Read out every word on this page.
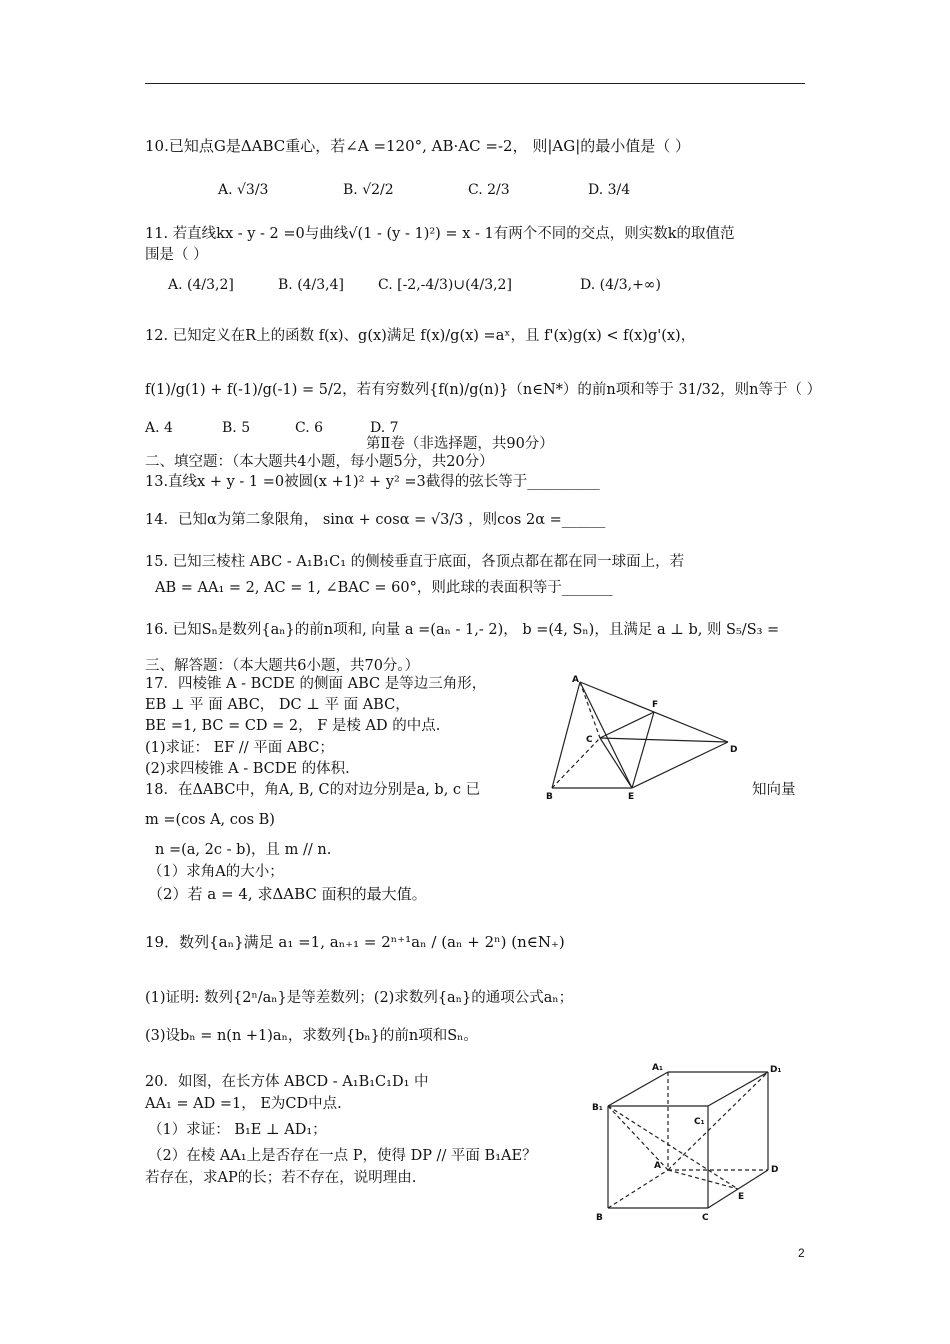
10.已知点G是ΔABC重心，若∠A =120°, AB·AC =-2， 则|AG|的最小值是（ ）
A. √3/3	B. √2/2	C. 2/3	D. 3/4
11. 若直线kx - y - 2 =0与曲线√(1 - (y - 1)²) = x - 1有两个不同的交点，则实数k的取值范
围是（ ）
A. (4/3,2]	B. (4/3,4] C. [-2,-4/3)∪(4/3,2]	D. (4/3,+∞)
12. 已知定义在R上的函数 f(x)、g(x)满足 f(x)/g(x) =aˣ，且 f'(x)g(x) < f(x)g'(x)，
f(1)/g(1) + f(-1)/g(-1) = 5/2，若有穷数列{f(n)/g(n)}（n∈N*）的前n项和等于 31/32，则n等于（ ）
A. 4	B. 5	C. 6	D. 7
第Ⅱ卷（非选择题，共90分）
二、填空题：（本大题共4小题，每小题5分，共20分）
13.直线x + y - 1 =0被圆(x +1)² + y² =3截得的弦长等于__________
14．已知α为第二象限角， sinα + cosα = √3/3 ，则cos 2α =______
15. 已知三棱柱 ABC - A₁B₁C₁ 的侧棱垂直于底面，各顶点都在都在同一球面上，若
AB = AA₁ = 2, AC = 1, ∠BAC = 60°，则此球的表面积等于_______
16. 已知Sₙ是数列{aₙ}的前n项和, 向量 a =(aₙ - 1,- 2)， b =(4, Sₙ)，且满足 a ⊥ b, 则 S₅/S₃ =
三、解答题：（本大题共6小题，共70分。）
17．四棱锥 A - BCDE 的侧面 ABC 是等边三角形，
EB ⊥ 平 面 ABC， DC ⊥ 平 面 ABC，
BE =1, BC = CD = 2， F 是棱 AD 的中点.
(1)求证： EF // 平面 ABC；
(2)求四棱锥 A - BCDE 的体积.
A
F
C
D
B	E
18．在ΔABC中，角A, B, C的对边分别是a, b, c 已	知向量
m =(cos A, cos B)
n =(a, 2c - b)，且 m // n.
（1）求角A的大小；
（2）若 a = 4, 求ΔABC 面积的最大值。
19．数列{aₙ}满足 a₁ =1, aₙ₊₁ = 2ⁿ⁺¹aₙ / (aₙ + 2ⁿ) (n∈N₊)
(1)证明: 数列{2ⁿ/aₙ}是等差数列；(2)求数列{aₙ}的通项公式aₙ；
(3)设bₙ = n(n +1)aₙ，求数列{bₙ}的前n项和Sₙ。
20．如图，在长方体 ABCD - A₁B₁C₁D₁ 中
AA₁ = AD =1， E为CD中点.
（1）求证： B₁E ⊥ AD₁；
（2）在棱 AA₁上是否存在一点 P，使得 DP // 平面 B₁AE？
若存在，求AP的长；若不存在，说明理由.
A₁	D₁
B₁
C₁
A	D
E
B	C
2
